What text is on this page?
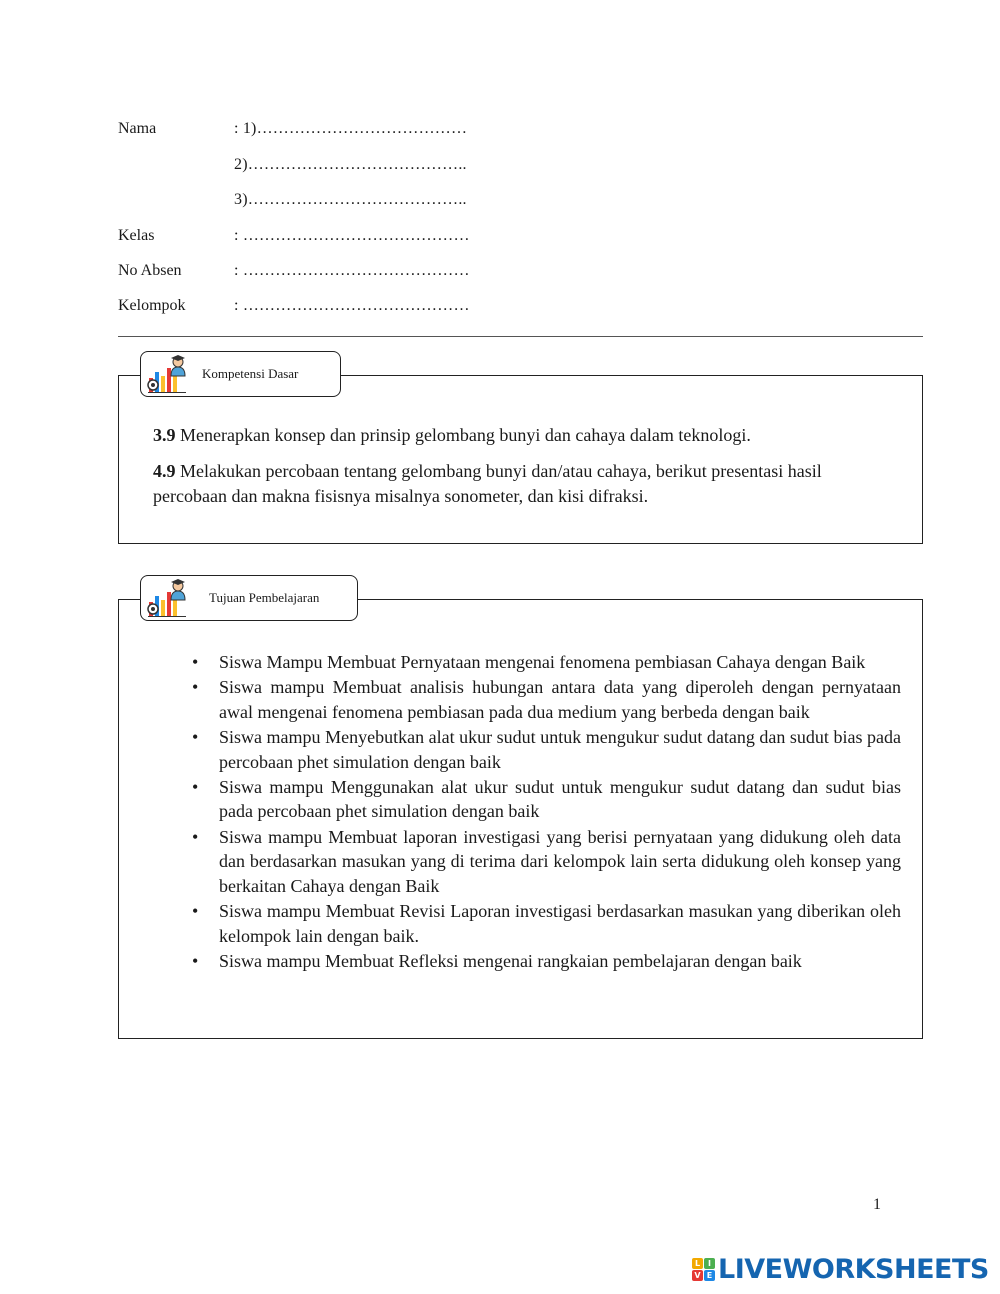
Nama	: 1)…………………………………
2)…………………………………..
3)…………………………………..
Kelas	: ……………………………………
No Absen	: ……………………………………
Kelompok	: ……………………………………
3.9 Menerapkan konsep dan prinsip gelombang bunyi dan cahaya dalam teknologi.
4.9 Melakukan percobaan tentang gelombang bunyi dan/atau cahaya, berikut presentasi hasil percobaan dan makna fisisnya misalnya sonometer, dan kisi difraksi.
Kompetensi Dasar
• Siswa Mampu Membuat Pernyataan mengenai fenomena pembiasan Cahaya dengan Baik
• Siswa mampu Membuat analisis hubungan antara data yang diperoleh dengan pernyataan awal mengenai fenomena pembiasan pada dua medium yang berbeda dengan baik
• Siswa mampu Menyebutkan alat ukur sudut untuk mengukur sudut datang dan sudut bias pada percobaan phet simulation dengan baik
• Siswa mampu Menggunakan alat ukur sudut untuk mengukur sudut datang dan sudut bias pada percobaan phet simulation dengan baik
• Siswa mampu Membuat laporan investigasi yang berisi pernyataan yang didukung oleh data dan berdasarkan masukan yang di terima dari kelompok lain serta didukung oleh konsep yang berkaitan Cahaya dengan Baik
• Siswa mampu Membuat Revisi Laporan investigasi berdasarkan masukan yang diberikan oleh kelompok lain dengan baik.
• Siswa mampu Membuat Refleksi mengenai rangkaian pembelajaran dengan baik
Tujuan Pembelajaran
1
L I
V E LIVEWORKSHEETS
